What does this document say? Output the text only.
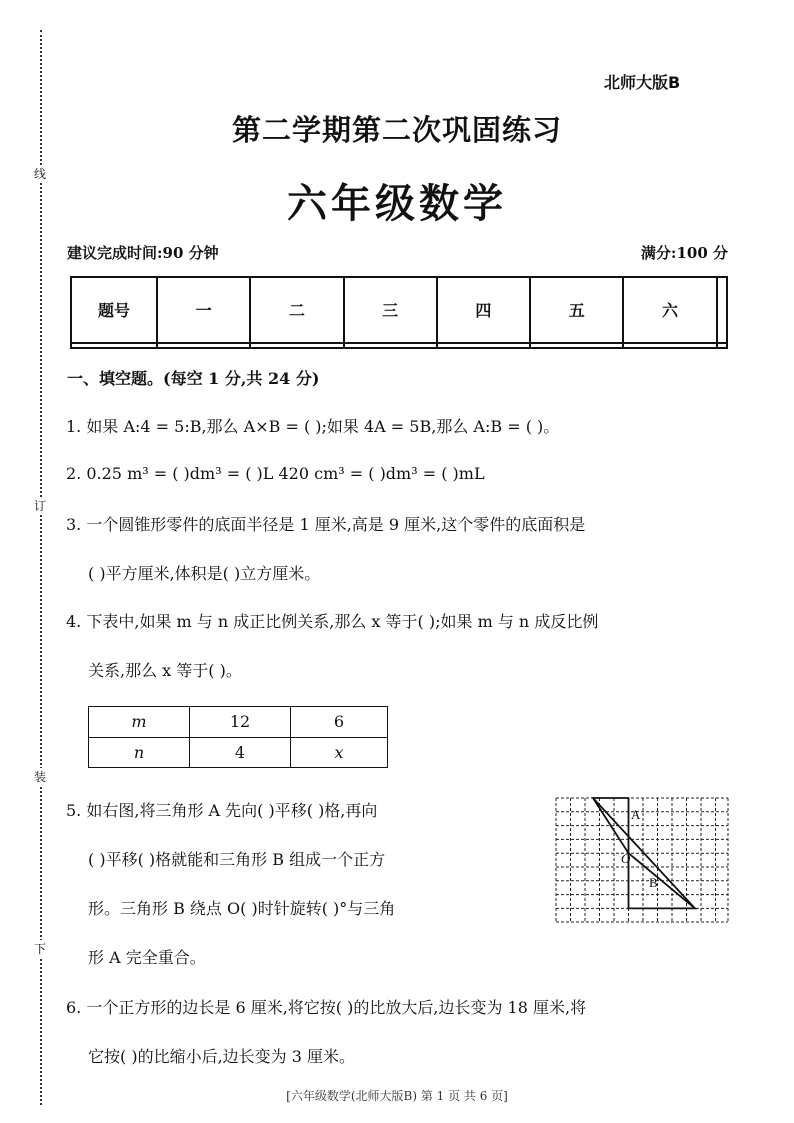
线
订
装
下
北师大版B
第二学期第二次巩固练习
六年级数学
建议完成时间:90 分钟	满分:100 分
题号	一	二	三	四	五	六	

一、填空题。(每空 1 分,共 24 分)
1. 如果 A:4 = 5:B,那么 A×B = ( );如果 4A = 5B,那么 A:B = ( )。
2. 0.25 m³ = ( )dm³ = ( )L 420 cm³ = ( )dm³ = ( )mL
3. 一个圆锥形零件的底面半径是 1 厘米,高是 9 厘米,这个零件的底面积是
( )平方厘米,体积是( )立方厘米。
4. 下表中,如果 m 与 n 成正比例关系,那么 x 等于( );如果 m 与 n 成反比例
关系,那么 x 等于( )。
m	12	6
n	4	x
5. 如右图,将三角形 A 先向( )平移( )格,再向
( )平移( )格就能和三角形 B 组成一个正方
形。三角形 B 绕点 O( )时针旋转( )°与三角
形 A 完全重合。
A
O
B
6. 一个正方形的边长是 6 厘米,将它按( )的比放大后,边长变为 18 厘米,将
它按( )的比缩小后,边长变为 3 厘米。
[六年级数学(北师大版B) 第 1 页 共 6 页]
